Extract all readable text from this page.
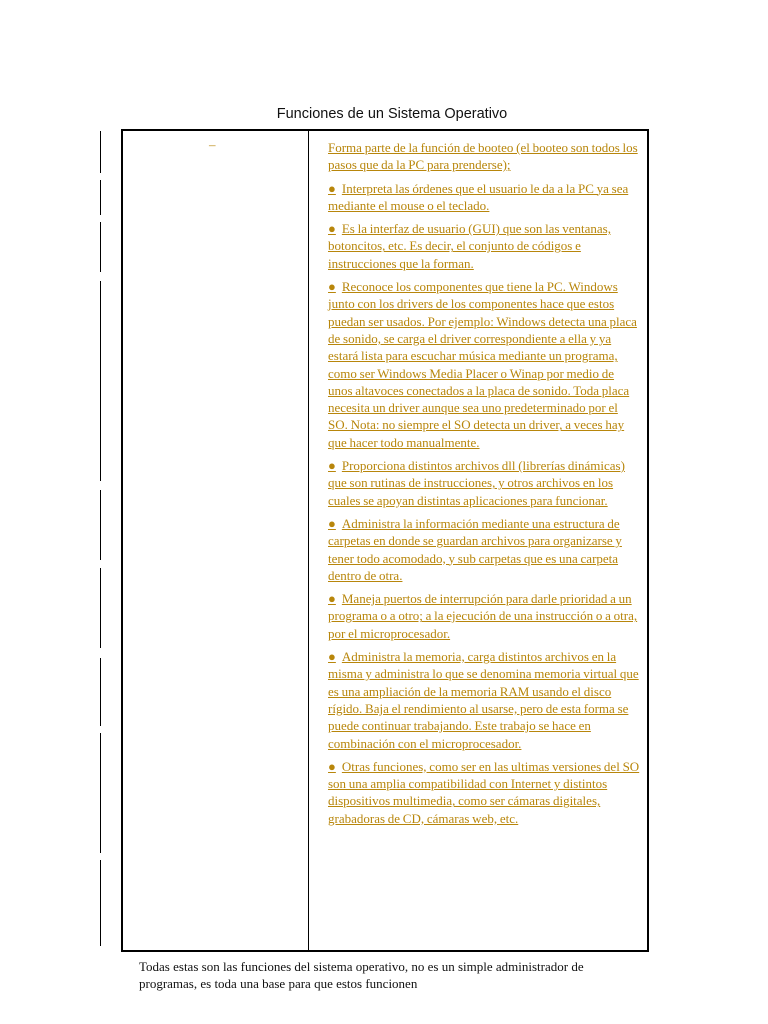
Funciones de un Sistema Operativo
–	Forma parte de la función de booteo (el booteo son todos los pasos que da la PC para prenderse);
● Interpreta las órdenes que el usuario le da a la PC ya sea mediante el mouse o el teclado.
● Es la interfaz de usuario (GUI) que son las ventanas, botoncitos, etc. Es decir, el conjunto de códigos e instrucciones que la forman.
● Reconoce los componentes que tiene la PC. Windows junto con los drivers de los componentes hace que estos puedan ser usados. Por ejemplo: Windows detecta una placa de sonido, se carga el driver correspondiente a ella y ya estará lista para escuchar música mediante un programa, como ser Windows Media Placer o Winap por medio de unos altavoces conectados a la placa de sonido. Toda placa necesita un driver aunque sea uno predeterminado por el SO. Nota: no siempre el SO detecta un driver, a veces hay que hacer todo manualmente.
● Proporciona distintos archivos dll (librerías dinámicas) que son rutinas de instrucciones, y otros archivos en los cuales se apoyan distintas aplicaciones para funcionar.
● Administra la información mediante una estructura de carpetas en donde se guardan archivos para organizarse y tener todo acomodado, y sub carpetas que es una carpeta dentro de otra.
● Maneja puertos de interrupción para darle prioridad a un programa o a otro; a la ejecución de una instrucción o a otra, por el microprocesador.
● Administra la memoria, carga distintos archivos en la misma y administra lo que se denomina memoria virtual que es una ampliación de la memoria RAM usando el disco rígido. Baja el rendimiento al usarse, pero de esta forma se puede continuar trabajando. Este trabajo se hace en combinación con el microprocesador.
● Otras funciones, como ser en las ultimas versiones del SO son una amplia compatibilidad con Internet y distintos dispositivos multimedia, como ser cámaras digitales, grabadoras de CD, cámaras web, etc.
Todas estas son las funciones del sistema operativo, no es un simple administrador de programas, es toda una base para que estos funcionen
